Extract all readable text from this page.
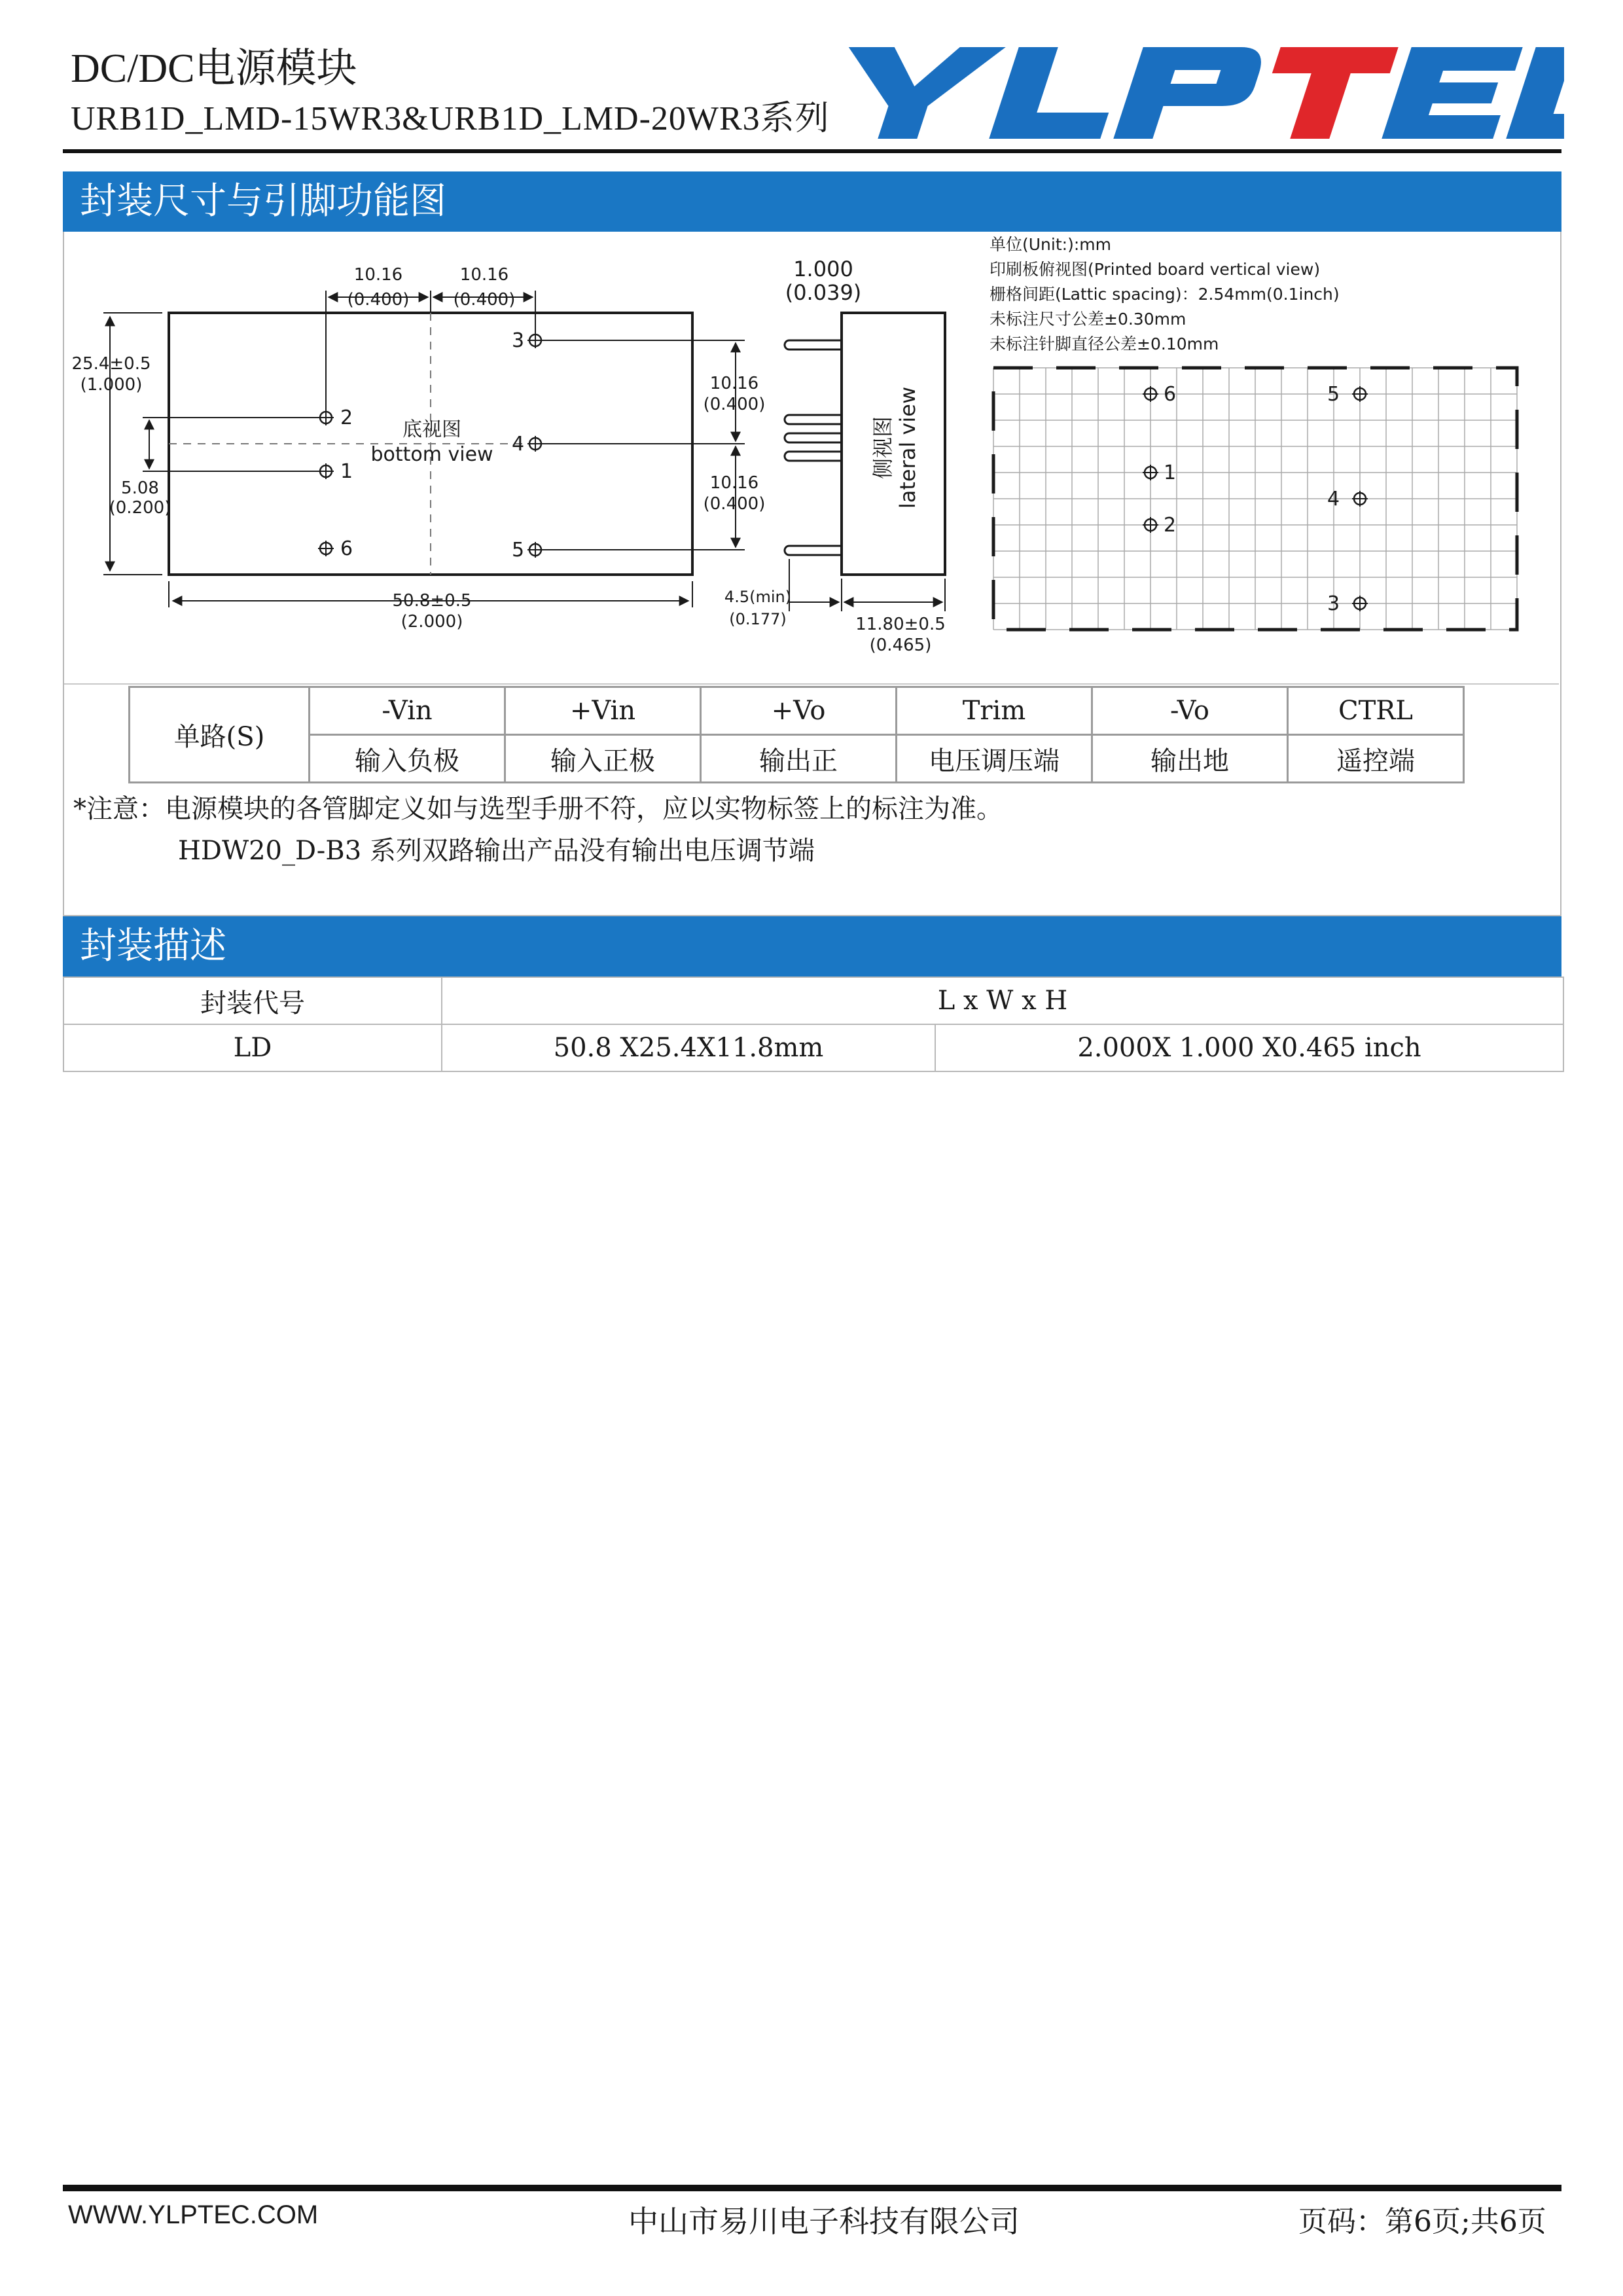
DC/DC电源模块
URB1D_LMD-15WR3&URB1D_LMD-20WR3系列
封装尺寸与引脚功能图
底视图
bottom view
2
1
6
3
4
5
10.16
(0.400)
10.16
(0.400)
25.4±0.5
(1.000)
5.08
(0.200)
10.16
(0.400)
10.16
(0.400)
50.8±0.5
(2.000)
侧视图 lateral view
1.000
(0.039)
4.5(min)
(0.177)	11.80±0.5
(0.465)
单位(Unit:):mm
印刷板俯视图(Printed board vertical view)
栅格间距(Lattic spacing)：2.54mm(0.1inch)
未标注尺寸公差±0.30mm
未标注针脚直径公差±0.10mm
6	5
1
4
2
3
单路(S)	-Vin	+Vin	+Vo	Trim	-Vo	CTRL
	输入负极	输入正极	输出正	电压调压端	输出地	遥控端
*注意：电源模块的各管脚定义如与选型手册不符，应以实物标签上的标注为准。
HDW20_D-B3 系列双路输出产品没有输出电压调节端
封装描述
封装代号	L x W x H	
LD	50.8 X25.4X11.8mm	2.000X 1.000 X0.465 inch
WWW.YLPTEC.COM	中山市易川电子科技有限公司	页码：第6页;共6页
